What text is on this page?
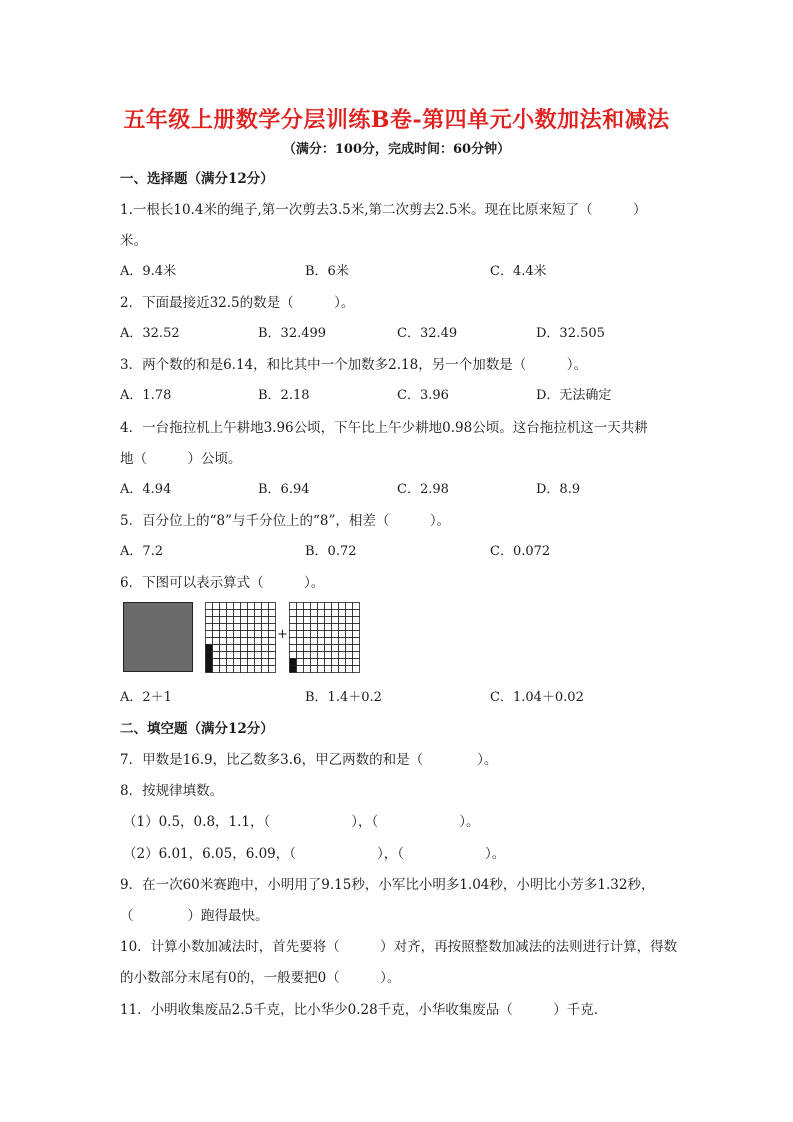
五年级上册数学分层训练B卷-第四单元小数加法和减法
（满分：100分，完成时间：60分钟）
一、选择题（满分12分）
1.一根长10.4米的绳子,第一次剪去3.5米,第二次剪去2.5米。现在比原来短了（　　　）
米。
A．9.4米	B．6米	C．4.4米
2．下面最接近32.5的数是（　　　）。
A．32.52	B．32.499	C．32.49	D．32.505
3．两个数的和是6.14，和比其中一个加数多2.18，另一个加数是（　　　）。
A．1.78	B．2.18	C．3.96	D．无法确定
4．一台拖拉机上午耕地3.96公顷，下午比上午少耕地0.98公顷。这台拖拉机这一天共耕
地（　　　）公顷。
A．4.94	B．6.94	C．2.98	D．8.9
5．百分位上的“8”与千分位上的“8”，相差（　　　）。
A．7.2	B．0.72	C．0.072
6．下图可以表示算式（　　　）。
+
A．2＋1	B．1.4＋0.2	C．1.04＋0.02
二、填空题（满分12分）
7．甲数是16.9，比乙数多3.6，甲乙两数的和是（　　　　）。
8．按规律填数。
（1）0.5，0.8，1.1，（　　　　　　），（　　　　　　）。
（2）6.01，6.05，6.09，（　　　　　　），（　　　　　　）。
9．在一次60米赛跑中，小明用了9.15秒，小军比小明多1.04秒，小明比小芳多1.32秒，
（　　　　）跑得最快。
10．计算小数加减法时，首先要将（　　　）对齐，再按照整数加减法的法则进行计算，得数
的小数部分末尾有0的，一般要把0（　　　）。
11．小明收集废品2.5千克，比小华少0.28千克，小华收集废品（　　　）千克．
